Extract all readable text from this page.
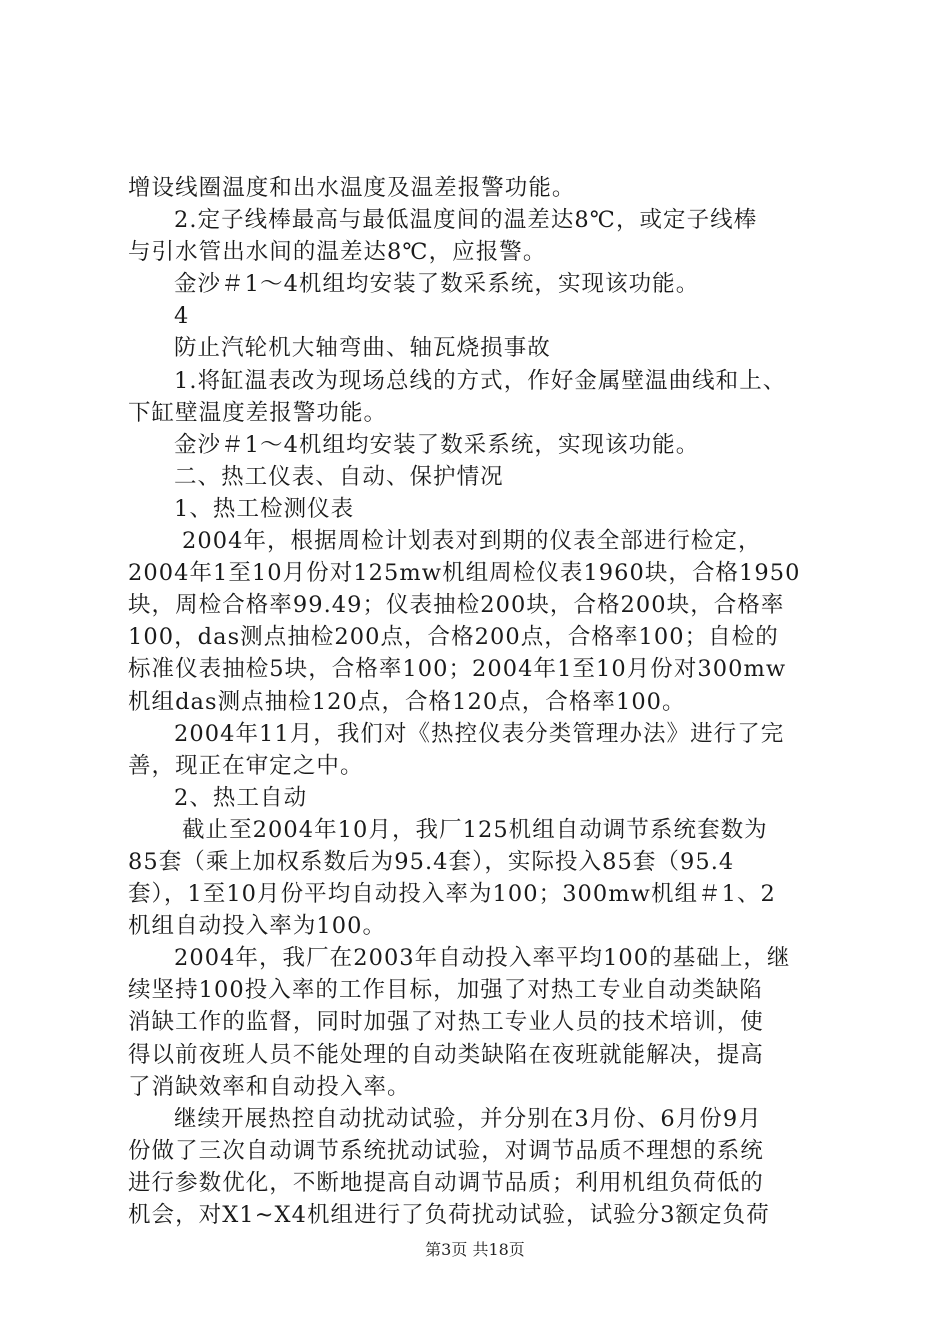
增设线圈温度和出水温度及温差报警功能。
2.定子线棒最高与最低温度间的温差达8℃，或定子线棒
与引水管出水间的温差达8℃，应报警。
金沙＃1～4机组均安装了数采系统，实现该功能。
4
防止汽轮机大轴弯曲、轴瓦烧损事故
1.将缸温表改为现场总线的方式，作好金属壁温曲线和上、
下缸壁温度差报警功能。
金沙＃1～4机组均安装了数采系统，实现该功能。
二、热工仪表、自动、保护情况
1、热工检测仪表
2004年，根据周检计划表对到期的仪表全部进行检定，
2004年1至10月份对125mw机组周检仪表1960块，合格1950
块，周检合格率99.49；仪表抽检200块，合格200块，合格率
100，das测点抽检200点，合格200点，合格率100；自检的
标准仪表抽检5块，合格率100；2004年1至10月份对300mw
机组das测点抽检120点，合格120点，合格率100。
2004年11月，我们对《热控仪表分类管理办法》进行了完
善，现正在审定之中。
2、热工自动
截止至2004年10月，我厂125机组自动调节系统套数为
85套（乘上加权系数后为95.4套），实际投入85套（95.4
套），1至10月份平均自动投入率为100；300mw机组＃1、2
机组自动投入率为100。
2004年，我厂在2003年自动投入率平均100的基础上，继
续坚持100投入率的工作目标，加强了对热工专业自动类缺陷
消缺工作的监督，同时加强了对热工专业人员的技术培训，使
得以前夜班人员不能处理的自动类缺陷在夜班就能解决，提高
了消缺效率和自动投入率。
继续开展热控自动扰动试验，并分别在3月份、6月份9月
份做了三次自动调节系统扰动试验，对调节品质不理想的系统
进行参数优化，不断地提高自动调节品质；利用机组负荷低的
机会，对X1~X4机组进行了负荷扰动试验，试验分3额定负荷
第3页 共18页
